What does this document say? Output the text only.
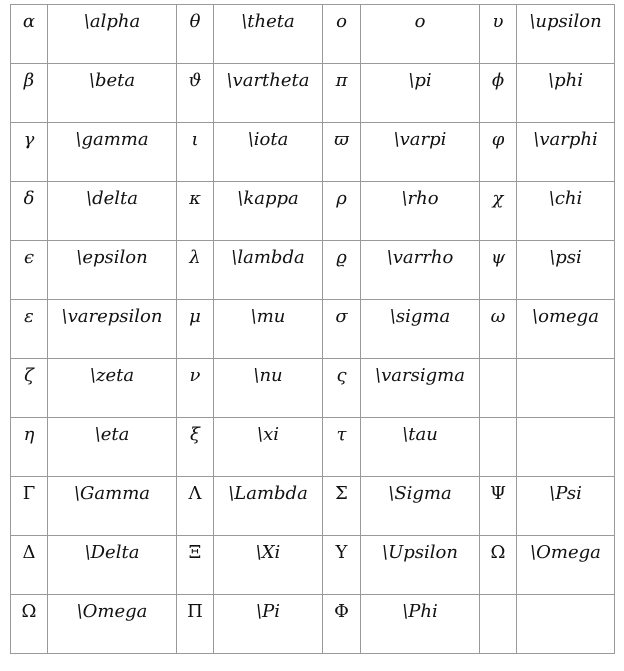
α	\alpha	θ	\theta	o	o	υ	\upsilon
β	\beta	ϑ	\vartheta	π	\pi	ϕ	\phi
γ	\gamma	ι	\iota	ϖ	\varpi	φ	\varphi
δ	\delta	κ	\kappa	ρ	\rho	χ	\chi
ϵ	\epsilon	λ	\lambda	ϱ	\varrho	ψ	\psi
ε	\varepsilon	μ	\mu	σ	\sigma	ω	\omega
ζ	\zeta	ν	\nu	ς	\varsigma		
η	\eta	ξ	\xi	τ	\tau		
Γ	\Gamma	Λ	\Lambda	Σ	\Sigma	Ψ	\Psi
Δ	\Delta	Ξ	\Xi	Υ	\Upsilon	Ω	\Omega
Ω	\Omega	Π	\Pi	Φ	\Phi		
